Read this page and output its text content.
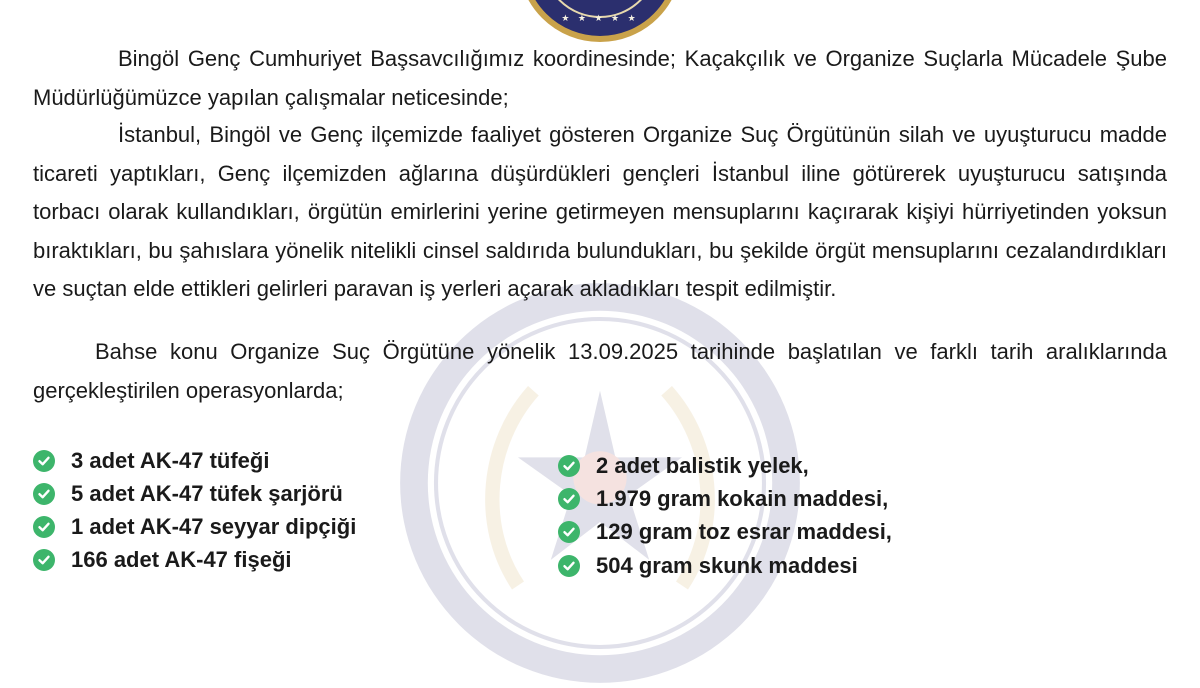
★ ★ ★ ★ ★

Bingöl Genç Cumhuriyet Başsavcılığımız koordinesinde; Kaçakçılık ve Organize Suçlarla Mücadele Şube Müdürlüğümüzce yapılan çalışmalar neticesinde;

İstanbul, Bingöl ve Genç ilçemizde faaliyet gösteren Organize Suç Örgütünün silah ve uyuşturucu madde ticareti yaptıkları, Genç ilçemizden ağlarına düşürdükleri gençleri İstanbul iline götürerek uyuşturucu satışında torbacı olarak kullandıkları, örgütün emirlerini yerine getirmeyen mensuplarını kaçırarak kişiyi hürriyetinden yoksun bıraktıkları, bu şahıslara yönelik nitelikli cinsel saldırıda bulundukları, bu şekilde örgüt mensuplarını cezalandırdıkları ve suçtan elde ettikleri gelirleri paravan iş yerleri açarak akladıkları tespit edilmiştir.

Bahse konu Organize Suç Örgütüne yönelik 13.09.2025 tarihinde başlatılan ve farklı tarih aralıklarında gerçekleştirilen operasyonlarda;

3 adet AK-47 tüfeği
5 adet AK-47 tüfek şarjörü
1 adet AK-47 seyyar dipçiği
166 adet AK-47 fişeği
2 adet balistik yelek,
1.979 gram kokain maddesi,
129 gram toz esrar maddesi,
504 gram skunk maddesi
